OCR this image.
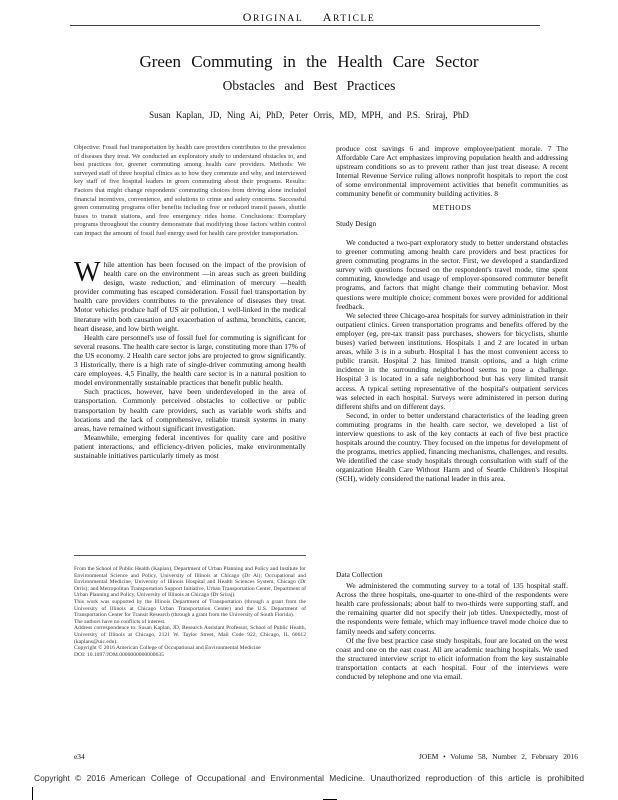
ORIGINAL ARTICLE
Green Commuting in the Health Care Sector
Obstacles and Best Practices
Susan Kaplan, JD, Ning Ai, PhD, Peter Orris, MD, MPH, and P.S. Sriraj, PhD

Objective: Fossil fuel transportation by health care providers contributes to the prevalence of diseases they treat. We conducted an exploratory study to understand obstacles to, and best practices for, greener commuting among health care providers. Methods: We surveyed staff of three hospital clinics as to how they commute and why, and interviewed key staff of five hospital leaders in green commuting about their programs. Results: Factors that might change respondents' commuting choices from driving alone included financial incentives, convenience, and solutions to crime and safety concerns. Successful green commuting programs offer benefits including free or reduced transit passes, shuttle buses to transit stations, and free emergency rides home. Conclusions: Exemplary programs throughout the country demonstrate that modifying those factors within control can impact the amount of fossil fuel energy used for health care provider transportation.

While attention has been focused on the impact of the provision of health care on the environment —in areas such as green building design, waste reduction, and elimination of mercury —health provider commuting has escaped consideration. Fossil fuel transportation by health care providers contributes to the prevalence of diseases they treat. Motor vehicles produce half of US air pollution, 1 well-linked in the medical literature with both causation and exacerbation of asthma, bronchitis, cancer, heart disease, and low birth weight.

Health care personnel's use of fossil fuel for commuting is significant for several reasons. The health care sector is large, constituting more than 17% of the US economy. 2 Health care sector jobs are projected to grow significantly. 3 Historically, there is a high rate of single-driver commuting among health care employees. 4,5 Finally, the health care sector is in a natural position to model environmentally sustainable practices that benefit public health.

Such practices, however, have been underdeveloped in the area of transportation. Commonly perceived obstacles to collective or public transportation by health care providers, such as variable work shifts and locations and the lack of comprehensive, reliable transit systems in many areas, have remained without significant investigation.

Meanwhile, emerging federal incentives for quality care and positive patient interactions, and efficiency-driven policies, make environmentally sustainable initiatives particularly timely as most

produce cost savings 6 and improve employee/patient morale. 7 The Affordable Care Act emphasizes improving population health and addressing upstream conditions so as to prevent rather than just treat disease. A recent Internal Revenue Service ruling allows nonprofit hospitals to report the cost of some environmental improvement activities that benefit communities as community benefit or community building activities. 8

METHODS
Study Design

We conducted a two-part exploratory study to better understand obstacles to greener commuting among health care providers and best practices for green commuting programs in the sector. First, we developed a standardized survey with questions focused on the respondent's travel mode, time spent commuting, knowledge and usage of employer-sponsored commuter benefit programs, and factors that might change their commuting behavior. Most questions were multiple choice; comment boxes were provided for additional feedback.

We selected three Chicago-area hospitals for survey administration in their outpatient clinics. Green transportation programs and benefits offered by the employer (eg, pre-tax transit pass purchases, showers for bicyclists, shuttle buses) varied between institutions. Hospitals 1 and 2 are located in urban areas, while 3 is in a suburb. Hospital 1 has the most convenient access to public transit. Hospital 2 has limited transit options, and a high crime incidence in the surrounding neighborhood seems to pose a challenge. Hospital 3 is located in a safe neighborhood but has very limited transit access. A typical setting representative of the hospital's outpatient services was selected in each hospital. Surveys were administered in person during different shifts and on different days.

Second, in order to better understand characteristics of the leading green commuting programs in the health care sector, we developed a list of interview questions to ask of the key contacts at each of five best practice hospitals around the country. They focused on the impetus for development of the programs, metrics applied, financing mechanisms, challenges, and results. We identified the case study hospitals through consultation with staff of the organization Health Care Without Harm and of Seattle Children's Hospital (SCH), widely considered the national leader in this area.

From the School of Public Health (Kaplan), Department of Urban Planning and Policy and Institute for Environmental Science and Policy, University of Illinois at Chicago (Dr Ai); Occupational and Environmental Medicine, University of Illinois Hospital and Health Sciences System, Chicago (Dr Orris); and Metropolitan Transportation Support Initiative, Urban Transportation Center, Department of Urban Planning and Policy, University of Illinois at Chicago (Dr Sriraj).

This work was supported by the Illinois Department of Transportation (through a grant from the University of Illinois at Chicago Urban Transportation Center) and the U.S. Department of Transportation Center for Transit Research (through a grant from the University of South Florida).

The authors have no conflicts of interest.

Address correspondence to: Susan Kaplan, JD, Research Assistant Professor, School of Public Health, University of Illinois at Chicago, 2121 W. Taylor Street, Mail Code 922, Chicago, IL 60612 (kaplans@uic.edu).

Copyright © 2016 American College of Occupational and Environmental Medicine

DOI: 10.1097/JOM.0000000000000635

Data Collection

We administered the commuting survey to a total of 135 hospital staff. Across the three hospitals, one-quarter to one-third of the respondents were health care professionals; about half to two-thirds were supporting staff, and the remaining quarter did not specify their job titles. Unexpectedly, most of the respondents were female, which may influence travel mode choice due to family needs and safety concerns.

Of the five best practice case study hospitals, four are located on the west coast and one on the east coast. All are academic teaching hospitals. We used the structured interview script to elicit information from the key sustainable transportation contacts at each hospital. Four of the interviews were conducted by telephone and one via email.

e34	JOEM • Volume 58, Number 2, February 2016
Copyright © 2016 American College of Occupational and Environmental Medicine. Unauthorized reproduction of this article is prohibited
